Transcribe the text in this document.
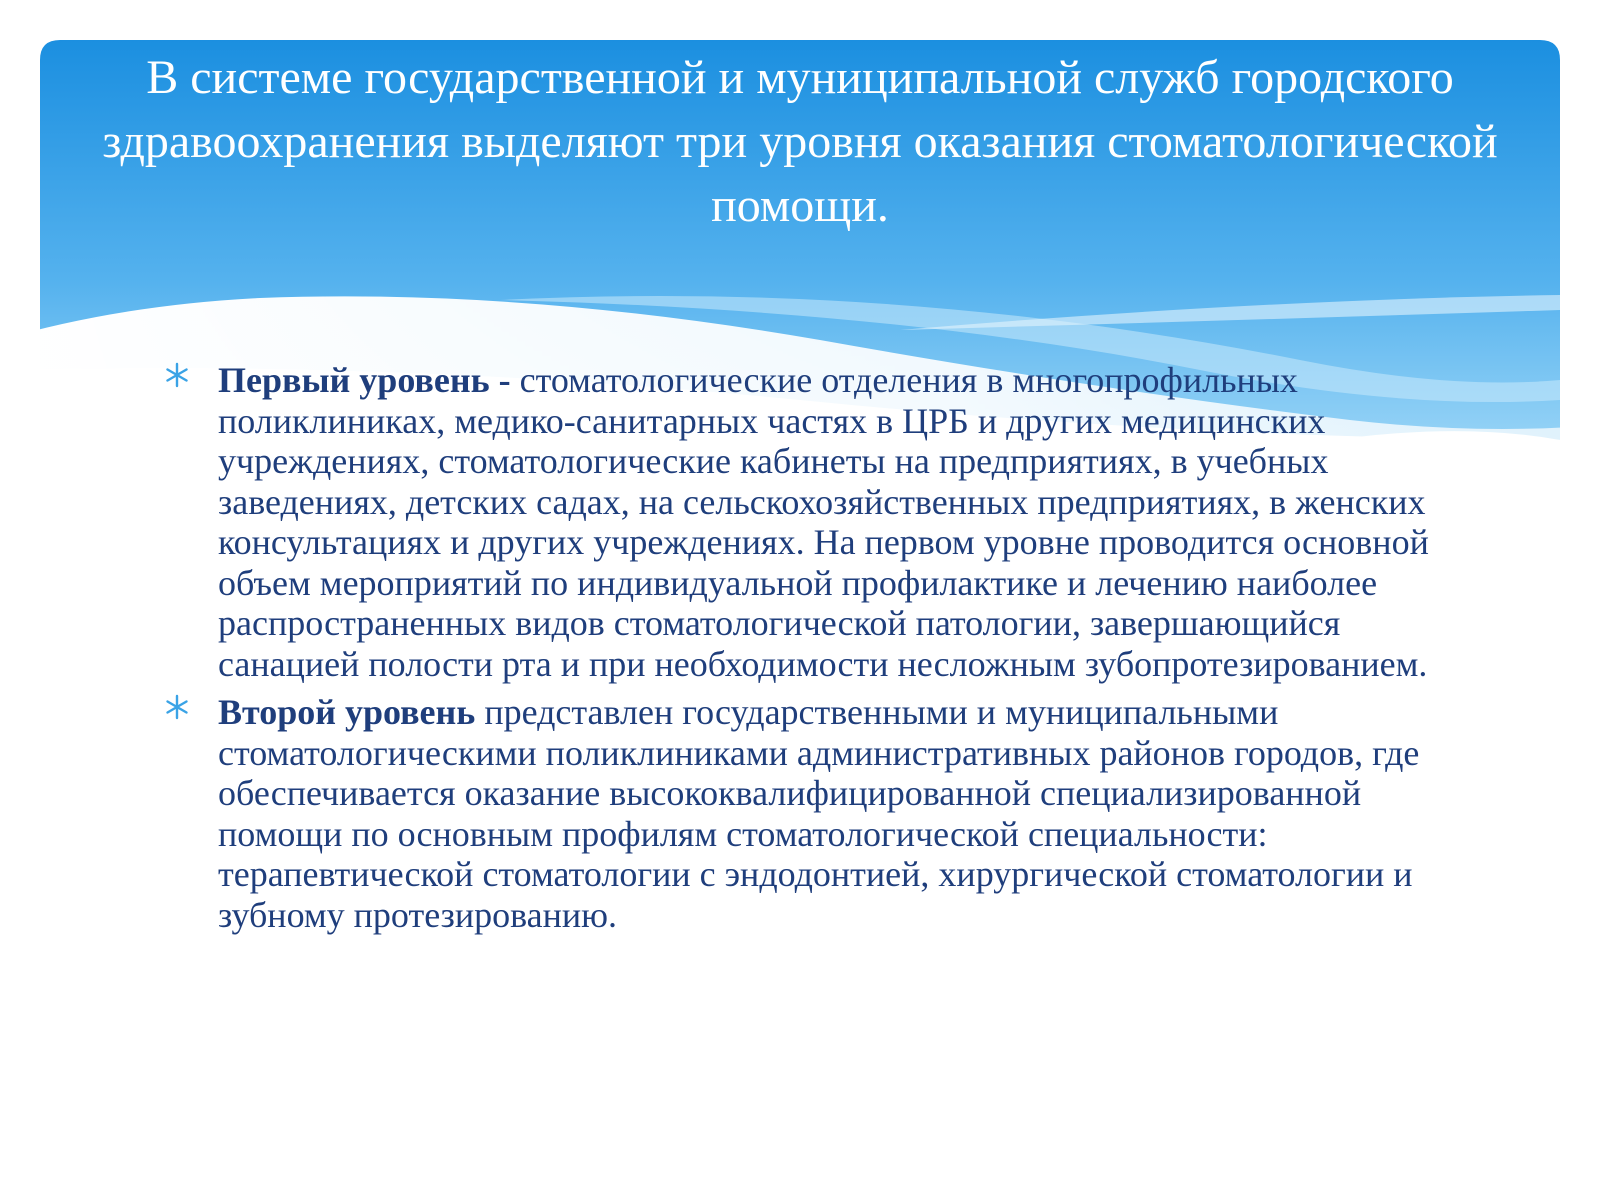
В системе государственной и муниципальной служб городского здравоохранения выделяют три уровня оказания стоматологической помощи.
Первый уровень - стоматологические отделения в многопрофильных поликлиниках, медико-санитарных частях в ЦРБ и других медицинских учреждениях, стоматологические кабинеты на предприятиях, в учебных заведениях, детских садах, на сельскохозяйственных предприятиях, в женских консультациях и других учреждениях. На первом уровне проводится основной объем мероприятий по индивидуальной профилактике и лечению наиболее распространенных видов стоматологической патологии, завершающийся санацией полости рта и при необходимости несложным зубопротезированием.
Второй уровень представлен государственными и муниципальными стоматологическими поликлиниками административных районов городов, где обеспечивается оказание высококвалифицированной специализированной помощи по основным профилям стоматологической специальности: терапевтической стоматологии с эндодонтией, хирургической стоматологии и зубному протезированию.
